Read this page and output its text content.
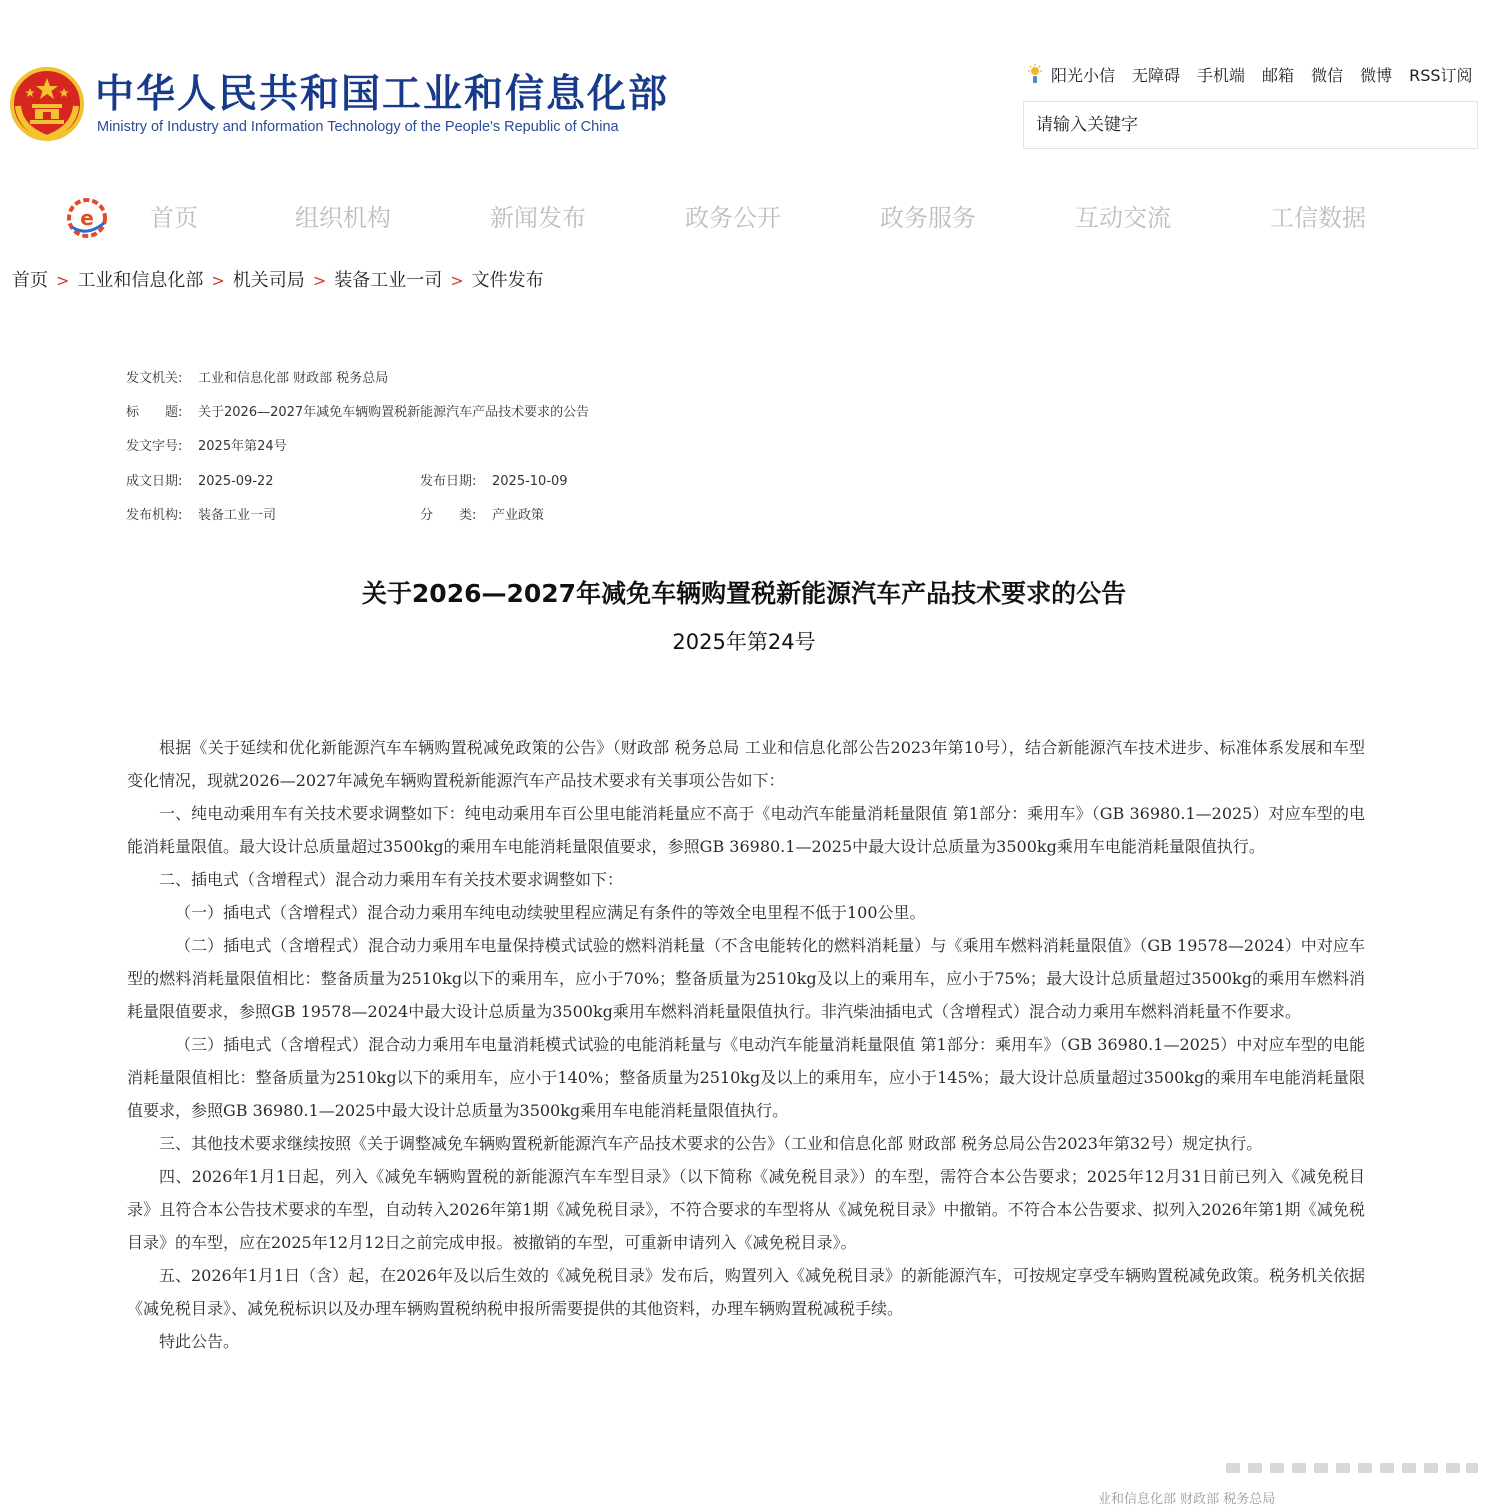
中华人民共和国工业和信息化部
Ministry of Industry and Information Technology of the People's Republic of China
阳光小信 无障碍 手机端 邮箱 微信 微博 RSS订阅
请输入关键字
e 首页	组织机构	新闻发布	政务公开	政务服务	互动交流	工信数据
首页 > 工业和信息化部 > 机关司局 > 装备工业一司 > 文件发布
发文机关: 工业和信息化部 财政部 税务总局
标　　题: 关于2026—2027年减免车辆购置税新能源汽车产品技术要求的公告
发文字号: 2025年第24号
成文日期: 2025-09-22	发布日期: 2025-10-09
发布机构: 装备工业一司	分　　类: 产业政策
关于2026—2027年减免车辆购置税新能源汽车产品技术要求的公告
2025年第24号

根据《关于延续和优化新能源汽车车辆购置税减免政策的公告》（财政部 税务总局 工业和信息化部公告2023年第10号），结合新能源汽车技术进步、标准体系发展和车型变化情况，现就2026—2027年减免车辆购置税新能源汽车产品技术要求有关事项公告如下：

一、纯电动乘用车有关技术要求调整如下：纯电动乘用车百公里电能消耗量应不高于《电动汽车能量消耗量限值 第1部分：乘用车》（GB 36980.1—2025）对应车型的电能消耗量限值。最大设计总质量超过3500kg的乘用车电能消耗量限值要求，参照GB 36980.1—2025中最大设计总质量为3500kg乘用车电能消耗量限值执行。

二、插电式（含增程式）混合动力乘用车有关技术要求调整如下：

（一）插电式（含增程式）混合动力乘用车纯电动续驶里程应满足有条件的等效全电里程不低于100公里。

（二）插电式（含增程式）混合动力乘用车电量保持模式试验的燃料消耗量（不含电能转化的燃料消耗量）与《乘用车燃料消耗量限值》（GB 19578—2024）中对应车型的燃料消耗量限值相比：整备质量为2510kg以下的乘用车，应小于70%；整备质量为2510kg及以上的乘用车，应小于75%；最大设计总质量超过3500kg的乘用车燃料消耗量限值要求，参照GB 19578—2024中最大设计总质量为3500kg乘用车燃料消耗量限值执行。非汽柴油插电式（含增程式）混合动力乘用车燃料消耗量不作要求。

（三）插电式（含增程式）混合动力乘用车电量消耗模式试验的电能消耗量与《电动汽车能量消耗量限值 第1部分：乘用车》（GB 36980.1—2025）中对应车型的电能消耗量限值相比：整备质量为2510kg以下的乘用车，应小于140%；整备质量为2510kg及以上的乘用车，应小于145%；最大设计总质量超过3500kg的乘用车电能消耗量限值要求，参照GB 36980.1—2025中最大设计总质量为3500kg乘用车电能消耗量限值执行。

三、其他技术要求继续按照《关于调整减免车辆购置税新能源汽车产品技术要求的公告》（工业和信息化部 财政部 税务总局公告2023年第32号）规定执行。

四、2026年1月1日起，列入《减免车辆购置税的新能源汽车车型目录》（以下简称《减免税目录》）的车型，需符合本公告要求；2025年12月31日前已列入《减免税目录》且符合本公告技术要求的车型，自动转入2026年第1期《减免税目录》，不符合要求的车型将从《减免税目录》中撤销。不符合本公告要求、拟列入2026年第1期《减免税目录》的车型，应在2025年12月12日之前完成申报。被撤销的车型，可重新申请列入《减免税目录》。

五、2026年1月1日（含）起，在2026年及以后生效的《减免税目录》发布后，购置列入《减免税目录》的新能源汽车，可按规定享受车辆购置税减免政策。税务机关依据《减免税目录》、减免税标识以及办理车辆购置税纳税申报所需要提供的其他资料，办理车辆购置税减税手续。

特此公告。

业和信息化部 财政部 税务总局
